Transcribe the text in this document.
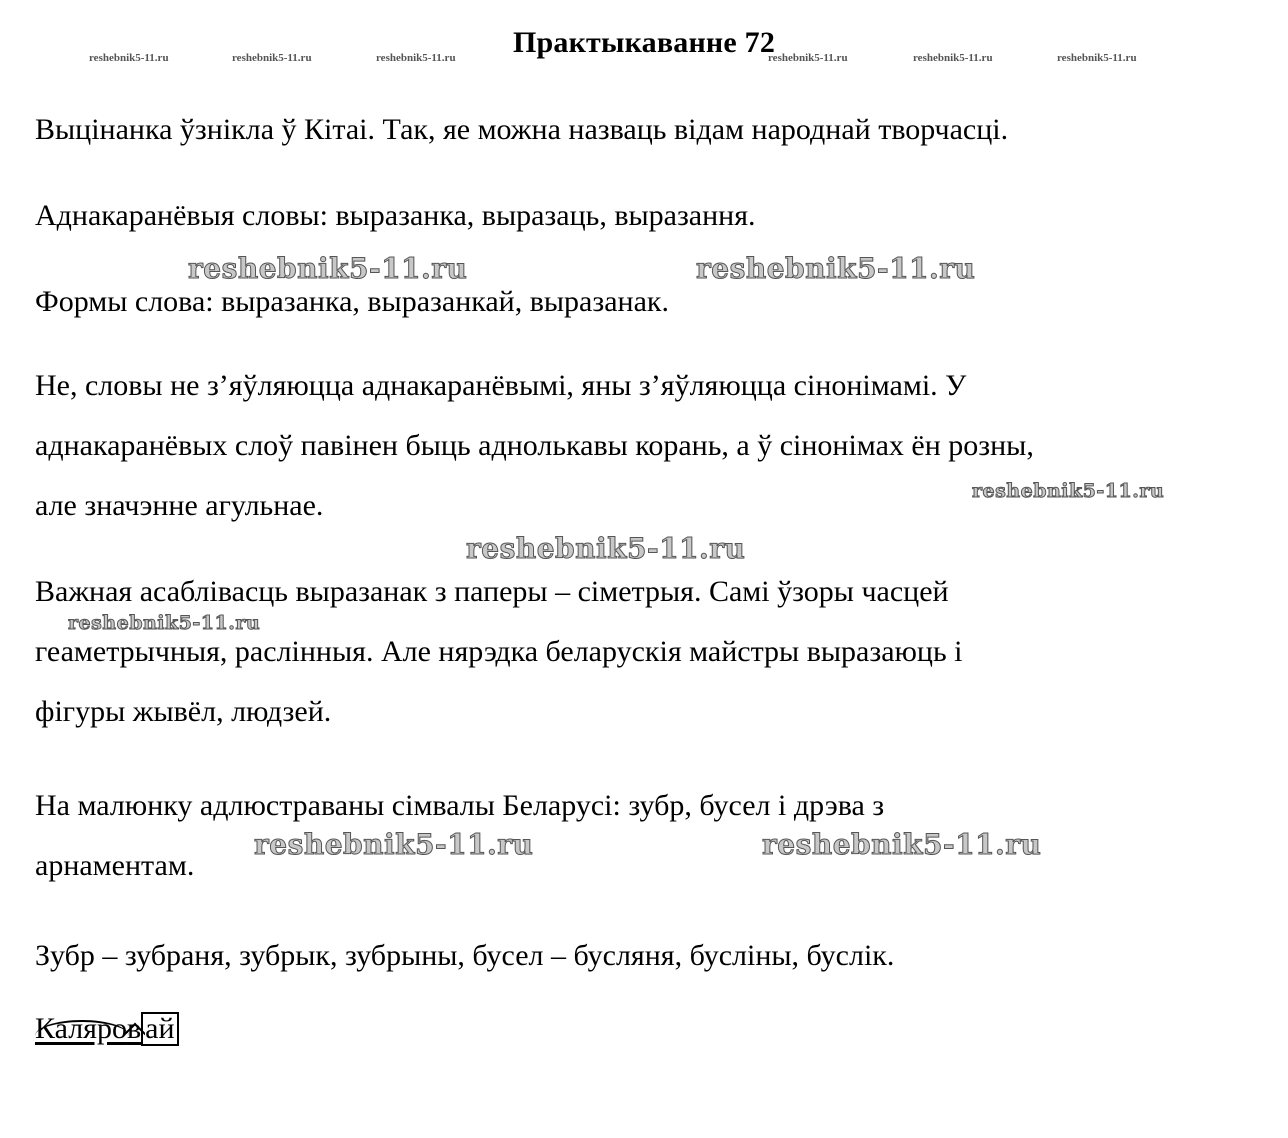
Практыкаванне 72
reshebnik5-11.ru	reshebnik5-11.ru	reshebnik5-11.ru	reshebnik5-11.ru	reshebnik5-11.ru	reshebnik5-11.ru

Выцінанка ўзнікла ў Кітаі. Так, яе можна назваць відам народнай творчасці.

Аднакаранёвыя словы: выразанка, выразаць, выразання.

Формы слова: выразанка, выразанкай, выразанак.

Не, словы не з’яўляюцца аднакаранёвымі, яны з’яўляюцца сінонімамі. У
аднакаранёвых слоў павінен быць аднолькавы корань, а ў сінонімах ён розны,
але значэнне агульнае.

Важная асаблівасць выразанак з паперы – сіметрыя. Самі ўзоры часцей
геаметрычныя, раслінныя. Але нярэдка беларускія майстры выразаюць і
фігуры жывёл, людзей.

На малюнку адлюстраваны сімвалы Беларусі: зубр, бусел і дрэва з
арнаментам.

Зубр – зубраня, зубрык, зубрыны, бусел – бусляня, буслiны, буслiк.

Каляров ай
reshebnik5-11.ru	reshebnik5-11.ru
reshebnik5-11.ru
reshebnik5-11.ru
reshebnik5-11.ru
reshebnik5-11.ru	reshebnik5-11.ru
